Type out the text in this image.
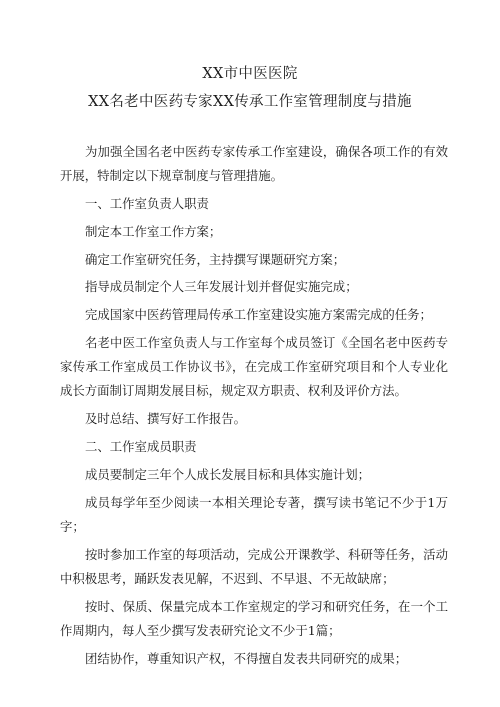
XX市中医医院
XX名老中医药专家XX传承工作室管理制度与措施

为加强全国名老中医药专家传承工作室建设，确保各项工作的有效开展，特制定以下规章制度与管理措施。

一、工作室负责人职责

制定本工作室工作方案；

确定工作室研究任务，主持撰写课题研究方案；

指导成员制定个人三年发展计划并督促实施完成；

完成国家中医药管理局传承工作室建设实施方案需完成的任务；

名老中医工作室负责人与工作室每个成员签订《全国名老中医药专家传承工作室成员工作协议书》，在完成工作室研究项目和个人专业化成长方面制订周期发展目标，规定双方职责、权利及评价方法。

及时总结、撰写好工作报告。

二、工作室成员职责

成员要制定三年个人成长发展目标和具体实施计划；

成员每学年至少阅读一本相关理论专著，撰写读书笔记不少于1万字；

按时参加工作室的每项活动，完成公开课教学、科研等任务，活动中积极思考，踊跃发表见解，不迟到、不早退、不无故缺席；

按时、保质、保量完成本工作室规定的学习和研究任务，在一个工作周期内，每人至少撰写发表研究论文不少于1篇；

团结协作，尊重知识产权，不得擅自发表共同研究的成果；
